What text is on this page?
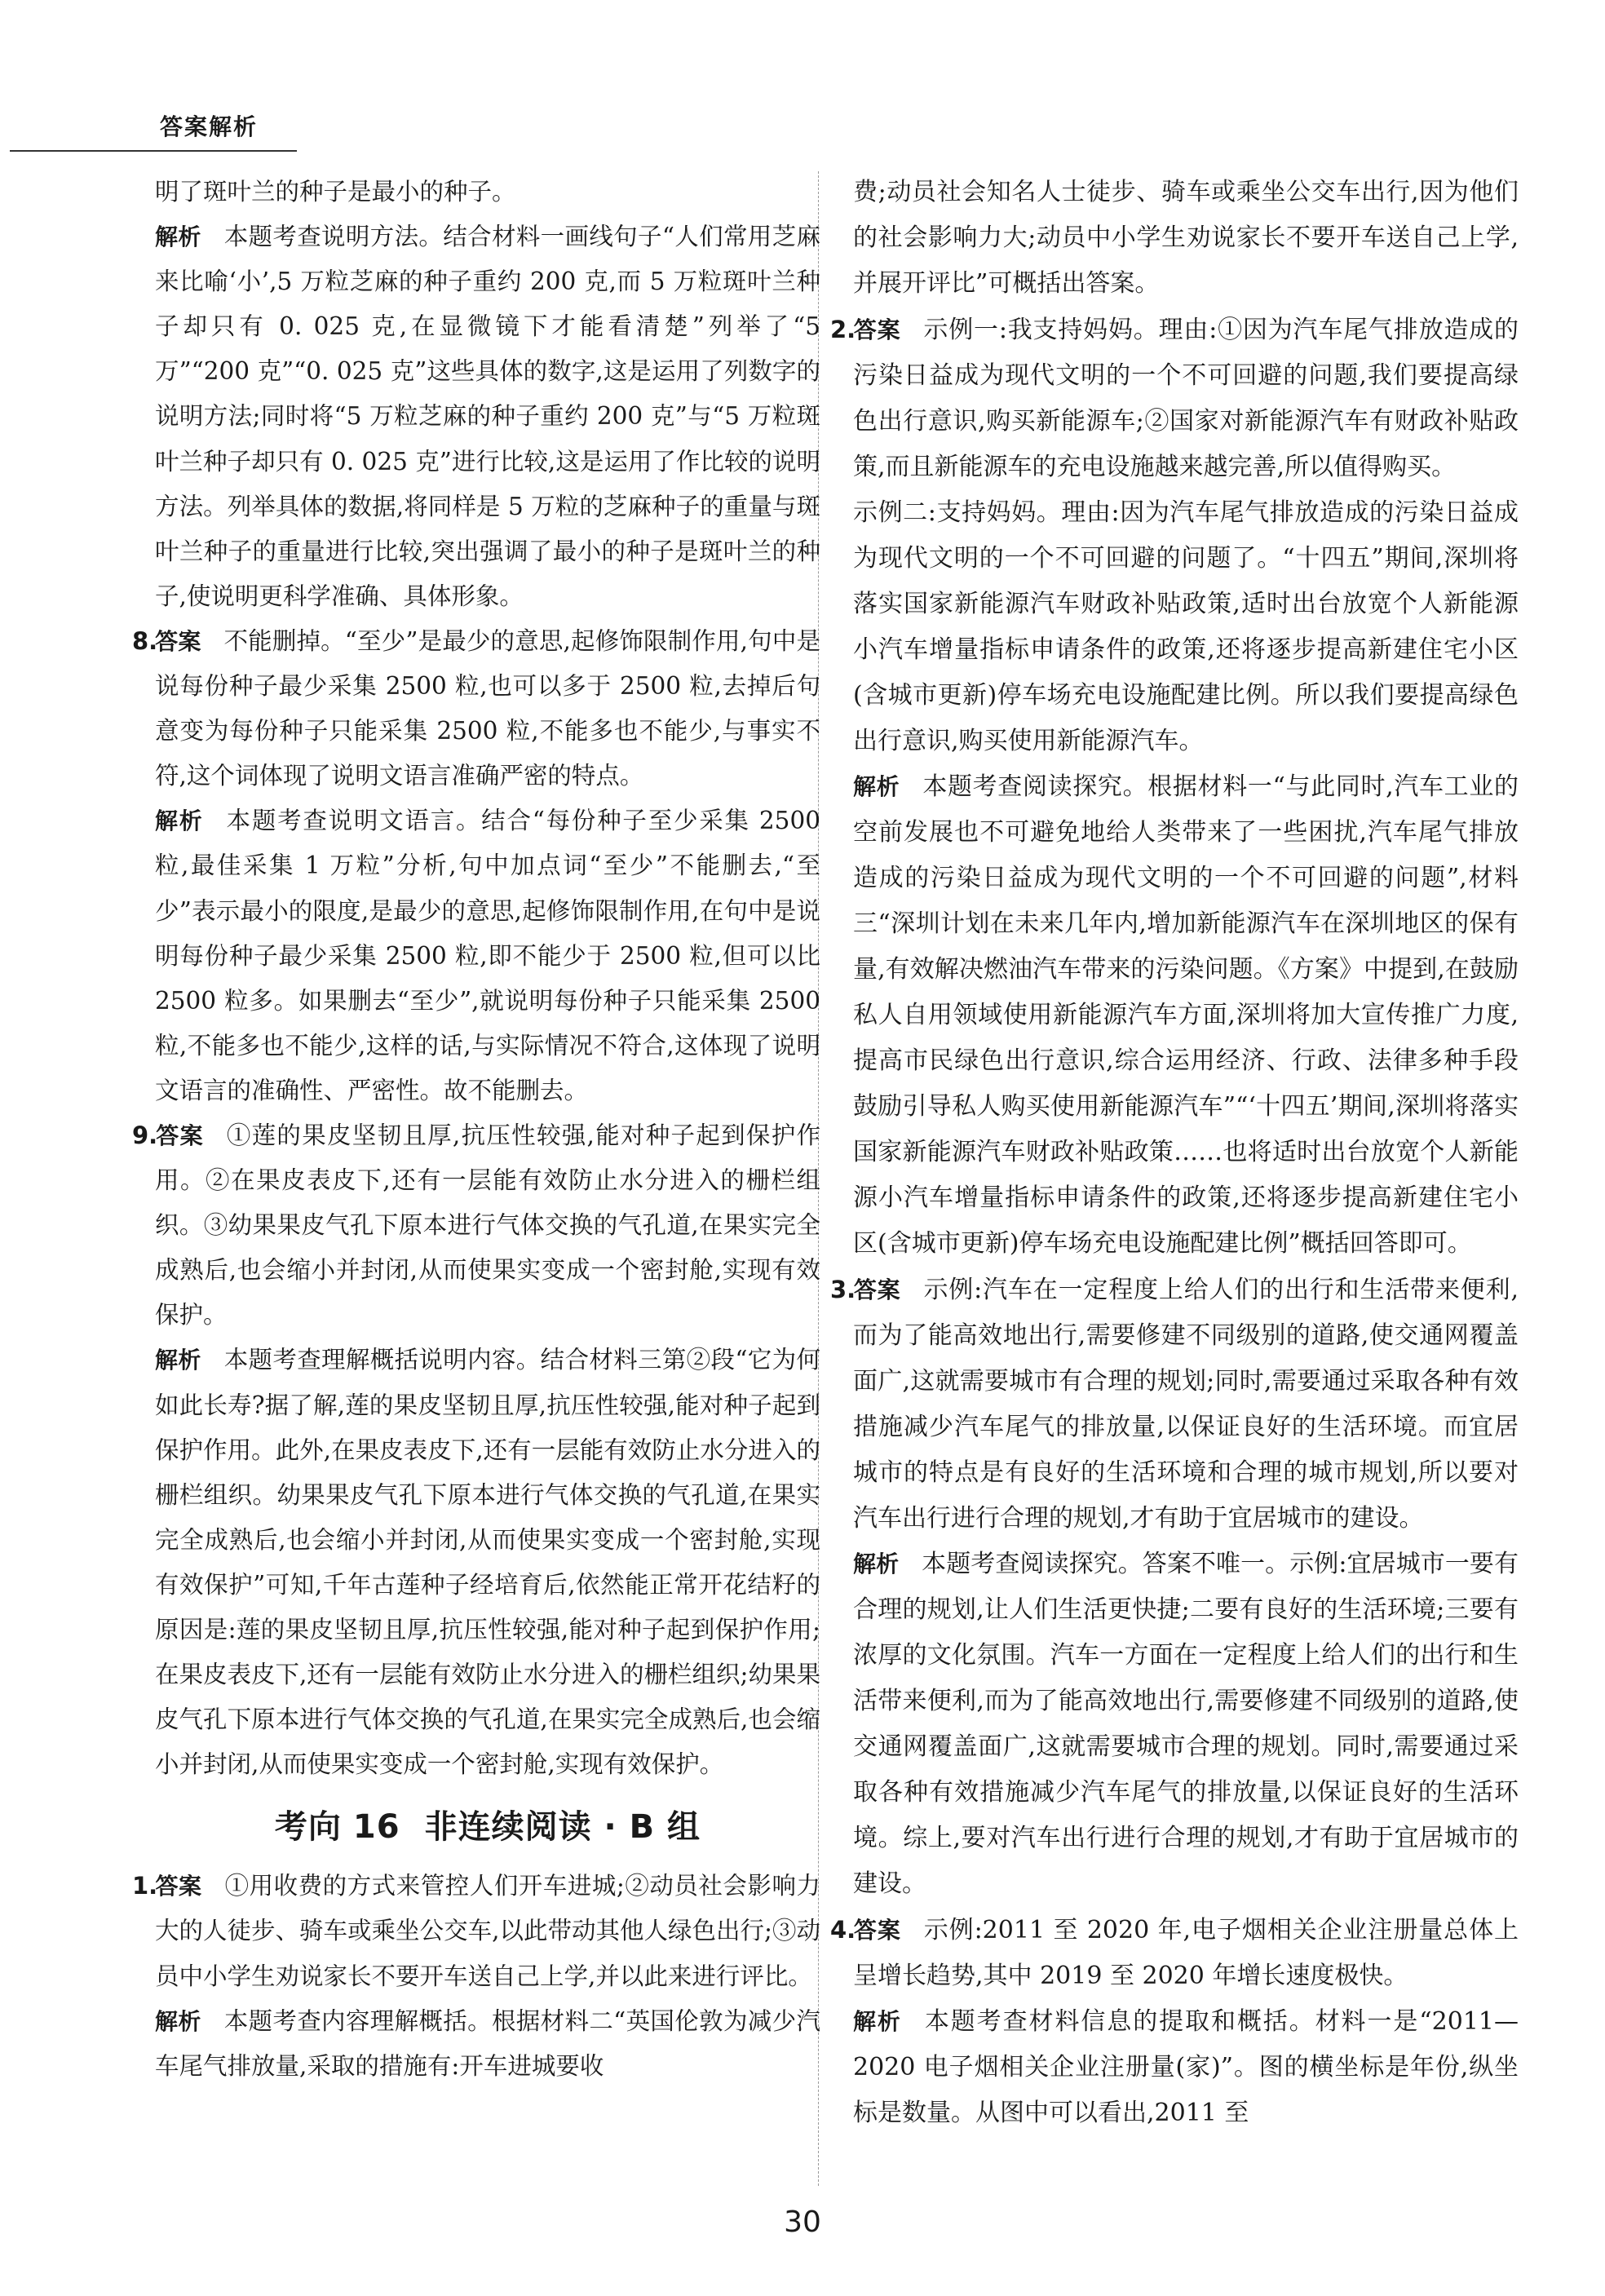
答案解析

明了斑叶兰的种子是最小的种子。

解析 本题考查说明方法。结合材料一画线句子“人们常用芝麻来比喻‘小’,5 万粒芝麻的种子重约 200 克,而 5 万粒斑叶兰种子却只有 0. 025 克,在显微镜下才能看清楚”列举了“5 万”“200 克”“0. 025 克”这些具体的数字,这是运用了列数字的说明方法;同时将“5 万粒芝麻的种子重约 200 克”与“5 万粒斑叶兰种子却只有 0. 025 克”进行比较,这是运用了作比较的说明方法。列举具体的数据,将同样是 5 万粒的芝麻种子的重量与斑叶兰种子的重量进行比较,突出强调了最小的种子是斑叶兰的种子,使说明更科学准确、具体形象。

8.答案 不能删掉。“至少”是最少的意思,起修饰限制作用,句中是说每份种子最少采集 2500 粒,也可以多于 2500 粒,去掉后句意变为每份种子只能采集 2500 粒,不能多也不能少,与事实不符,这个词体现了说明文语言准确严密的特点。

解析 本题考查说明文语言。结合“每份种子至少采集 2500 粒,最佳采集 1 万粒”分析,句中加点词“至少”不能删去,“至少”表示最小的限度,是最少的意思,起修饰限制作用,在句中是说明每份种子最少采集 2500 粒,即不能少于 2500 粒,但可以比 2500 粒多。如果删去“至少”,就说明每份种子只能采集 2500 粒,不能多也不能少,这样的话,与实际情况不符合,这体现了说明文语言的准确性、严密性。故不能删去。

9.答案 ①莲的果皮坚韧且厚,抗压性较强,能对种子起到保护作用。②在果皮表皮下,还有一层能有效防止水分进入的栅栏组织。③幼果果皮气孔下原本进行气体交换的气孔道,在果实完全成熟后,也会缩小并封闭,从而使果实变成一个密封舱,实现有效保护。

解析 本题考查理解概括说明内容。结合材料三第②段“它为何如此长寿?据了解,莲的果皮坚韧且厚,抗压性较强,能对种子起到保护作用。此外,在果皮表皮下,还有一层能有效防止水分进入的栅栏组织。幼果果皮气孔下原本进行气体交换的气孔道,在果实完全成熟后,也会缩小并封闭,从而使果实变成一个密封舱,实现有效保护”可知,千年古莲种子经培育后,依然能正常开花结籽的原因是:莲的果皮坚韧且厚,抗压性较强,能对种子起到保护作用;在果皮表皮下,还有一层能有效防止水分进入的栅栏组织;幼果果皮气孔下原本进行气体交换的气孔道,在果实完全成熟后,也会缩小并封闭,从而使果实变成一个密封舱,实现有效保护。

考向 16 非连续阅读 · B 组

1.答案 ①用收费的方式来管控人们开车进城;②动员社会影响力大的人徒步、骑车或乘坐公交车,以此带动其他人绿色出行;③动员中小学生劝说家长不要开车送自己上学,并以此来进行评比。

解析 本题考查内容理解概括。根据材料二“英国伦敦为减少汽车尾气排放量,采取的措施有:开车进城要收

费;动员社会知名人士徒步、骑车或乘坐公交车出行,因为他们的社会影响力大;动员中小学生劝说家长不要开车送自己上学,并展开评比”可概括出答案。

2.答案 示例一:我支持妈妈。理由:①因为汽车尾气排放造成的污染日益成为现代文明的一个不可回避的问题,我们要提高绿色出行意识,购买新能源车;②国家对新能源汽车有财政补贴政策,而且新能源车的充电设施越来越完善,所以值得购买。

示例二:支持妈妈。理由:因为汽车尾气排放造成的污染日益成为现代文明的一个不可回避的问题了。“十四五”期间,深圳将落实国家新能源汽车财政补贴政策,适时出台放宽个人新能源小汽车增量指标申请条件的政策,还将逐步提高新建住宅小区(含城市更新)停车场充电设施配建比例。所以我们要提高绿色出行意识,购买使用新能源汽车。

解析 本题考查阅读探究。根据材料一“与此同时,汽车工业的空前发展也不可避免地给人类带来了一些困扰,汽车尾气排放造成的污染日益成为现代文明的一个不可回避的问题”,材料三“深圳计划在未来几年内,增加新能源汽车在深圳地区的保有量,有效解决燃油汽车带来的污染问题。《方案》中提到,在鼓励私人自用领域使用新能源汽车方面,深圳将加大宣传推广力度,提高市民绿色出行意识,综合运用经济、行政、法律多种手段鼓励引导私人购买使用新能源汽车”“‘十四五’期间,深圳将落实国家新能源汽车财政补贴政策……也将适时出台放宽个人新能源小汽车增量指标申请条件的政策,还将逐步提高新建住宅小区(含城市更新)停车场充电设施配建比例”概括回答即可。

3.答案 示例:汽车在一定程度上给人们的出行和生活带来便利,而为了能高效地出行,需要修建不同级别的道路,使交通网覆盖面广,这就需要城市有合理的规划;同时,需要通过采取各种有效措施减少汽车尾气的排放量,以保证良好的生活环境。而宜居城市的特点是有良好的生活环境和合理的城市规划,所以要对汽车出行进行合理的规划,才有助于宜居城市的建设。

解析 本题考查阅读探究。答案不唯一。示例:宜居城市一要有合理的规划,让人们生活更快捷;二要有良好的生活环境;三要有浓厚的文化氛围。汽车一方面在一定程度上给人们的出行和生活带来便利,而为了能高效地出行,需要修建不同级别的道路,使交通网覆盖面广,这就需要城市合理的规划。同时,需要通过采取各种有效措施减少汽车尾气的排放量,以保证良好的生活环境。综上,要对汽车出行进行合理的规划,才有助于宜居城市的建设。

4.答案 示例:2011 至 2020 年,电子烟相关企业注册量总体上呈增长趋势,其中 2019 至 2020 年增长速度极快。

解析 本题考查材料信息的提取和概括。材料一是“2011—2020 电子烟相关企业注册量(家)”。图的横坐标是年份,纵坐标是数量。从图中可以看出,2011 至

30
